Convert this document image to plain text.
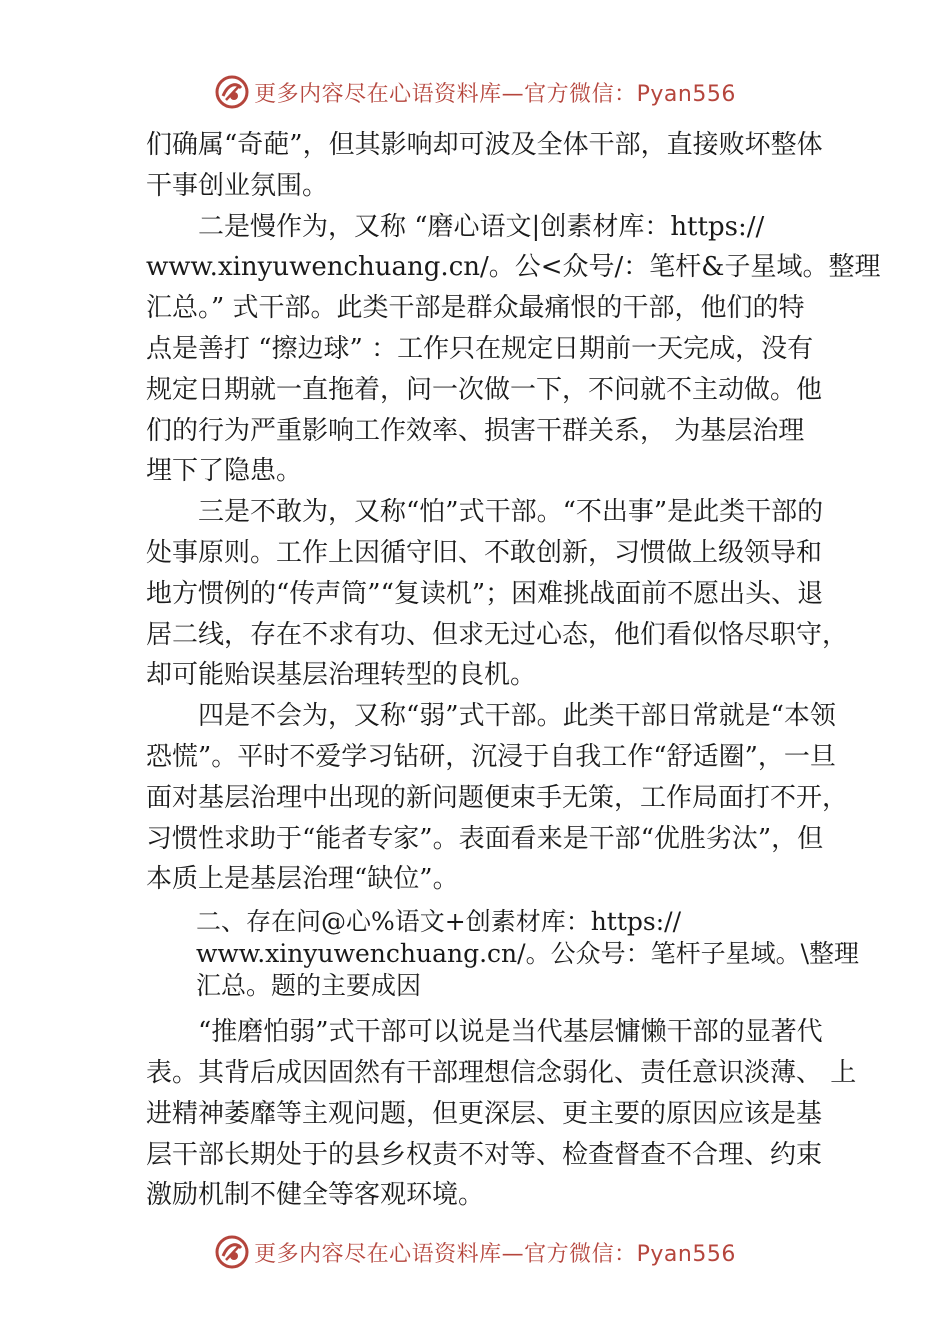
更多内容尽在心语资料库—官方微信：Pyan556
们确属“奇葩”，但其影响却可波及全体干部，直接败坏整体
干事创业氛围。
二是慢作为，又称 “磨心语文|创素材库：https://
www.xinyuwenchuang.cn/。公<众号/：笔杆&子星域。整理
汇总。” 式干部。此类干部是群众最痛恨的干部，他们的特
点是善打 “擦边球” ：工作只在规定日期前一天完成，没有
规定日期就一直拖着，问一次做一下，不问就不主动做。他
们的行为严重影响工作效率、损害干群关系， 为基层治理
埋下了隐患。
三是不敢为，又称“怕”式干部。“不出事”是此类干部的
处事原则。工作上因循守旧、不敢创新，习惯做上级领导和
地方惯例的“传声筒”“复读机”；困难挑战面前不愿出头、退
居二线，存在不求有功、但求无过心态，他们看似恪尽职守，
却可能贻误基层治理转型的良机。
四是不会为，又称“弱”式干部。此类干部日常就是“本领
恐慌”。平时不爱学习钻研，沉浸于自我工作“舒适圈”，一旦
面对基层治理中出现的新问题便束手无策，工作局面打不开，
习惯性求助于“能者专家”。表面看来是干部“优胜劣汰”，但
本质上是基层治理“缺位”。
二、存在问@心%语文+创素材库：https://
www.xinyuwenchuang.cn/。公众号：笔杆子星域。\整理
汇总。题的主要成因
“推磨怕弱”式干部可以说是当代基层慵懒干部的显著代
表。其背后成因固然有干部理想信念弱化、责任意识淡薄、 上
进精神萎靡等主观问题，但更深层、更主要的原因应该是基
层干部长期处于的县乡权责不对等、检查督查不合理、约束
激励机制不健全等客观环境。
更多内容尽在心语资料库—官方微信：Pyan556
